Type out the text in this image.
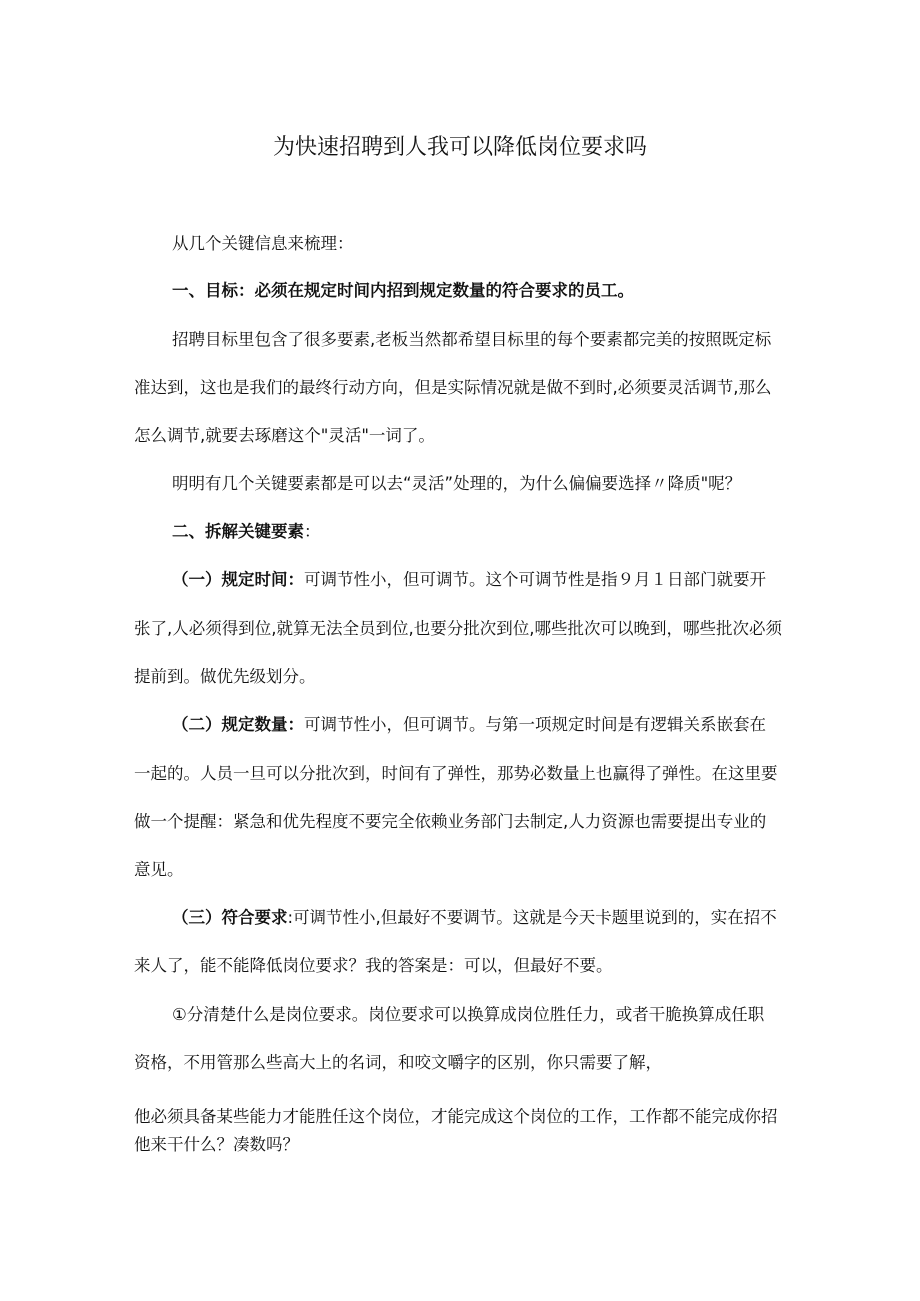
为快速招聘到人我可以降低岗位要求吗

从几个关键信息来梳理：

一、目标：必须在规定时间内招到规定数量的符合要求的员工。

招聘目标里包含了很多要素,老板当然都希望目标里的每个要素都完美的按照既定标

准达到，这也是我们的最终行动方向，但是实际情况就是做不到时,必须要灵活调节,那么

怎么调节,就要去琢磨这个"灵活"一词了。

明明有几个关键要素都是可以去“灵活”处理的，为什么偏偏要选择〃降质"呢？

二、拆解关键要素：

（一）规定时间：可调节性小，但可调节。这个可调节性是指９月１日部门就要开

张了,人必须得到位,就算无法全员到位,也要分批次到位,哪些批次可以晚到，哪些批次必须

提前到。做优先级划分。

（二）规定数量：可调节性小，但可调节。与第一项规定时间是有逻辑关系嵌套在

一起的。人员一旦可以分批次到，时间有了弹性，那势必数量上也赢得了弹性。在这里要

做一个提醒：紧急和优先程度不要完全依赖业务部门去制定,人力资源也需要提出专业的

意见。

（三）符合要求:可调节性小,但最好不要调节。这就是今天卡题里说到的，实在招不

来人了，能不能降低岗位要求？我的答案是：可以，但最好不要。

①分清楚什么是岗位要求。岗位要求可以换算成岗位胜任力，或者干脆换算成任职

资格，不用管那么些高大上的名词，和咬文嚼字的区别，你只需要了解，

他必须具备某些能力才能胜任这个岗位，才能完成这个岗位的工作，工作都不能完成你招

他来干什么？凑数吗？
